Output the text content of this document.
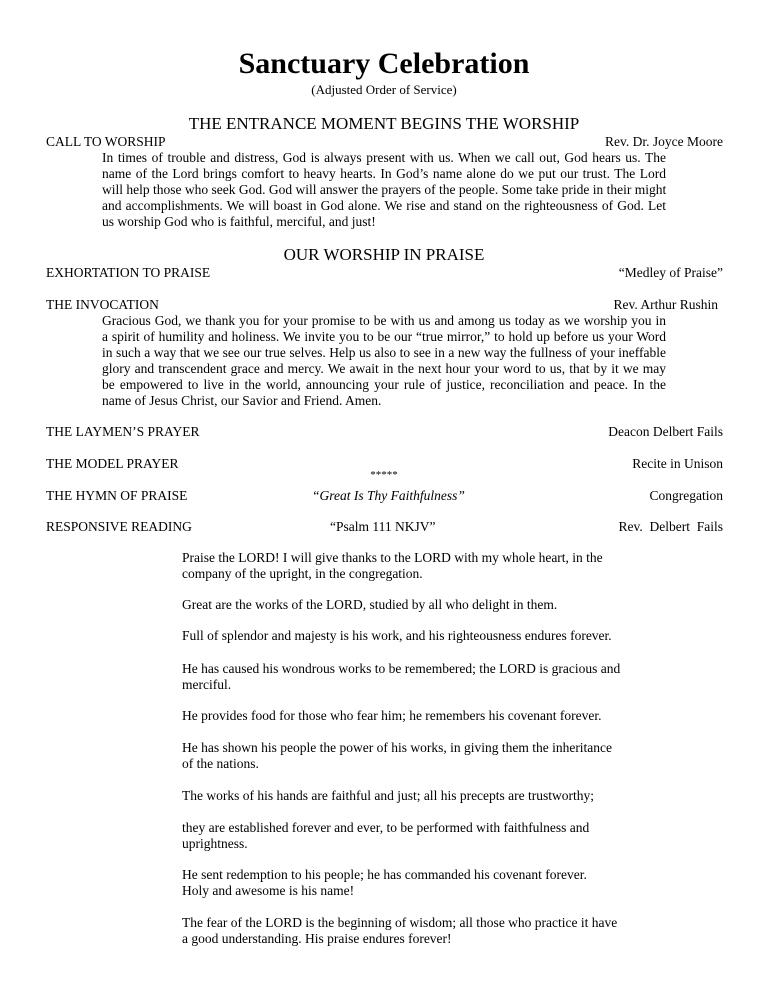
Sanctuary Celebration
(Adjusted Order of Service)
THE ENTRANCE MOMENT BEGINS THE WORSHIP
CALL TO WORSHIP	Rev. Dr. Joyce Moore
In times of trouble and distress, God is always present with us. When we call out, God hears us. The
name of the Lord brings comfort to heavy hearts. In God’s name alone do we put our trust. The Lord
will help those who seek God. God will answer the prayers of the people. Some take pride in their might
and accomplishments. We will boast in God alone. We rise and stand on the righteousness of God. Let
us worship God who is faithful, merciful, and just!
OUR WORSHIP IN PRAISE
EXHORTATION TO PRAISE	“Medley of Praise”
THE INVOCATION	Rev. Arthur Rushin
Gracious God, we thank you for your promise to be with us and among us today as we worship you in
a spirit of humility and holiness. We invite you to be our “true mirror,” to hold up before us your Word
in such a way that we see our true selves. Help us also to see in a new way the fullness of your ineffable
glory and transcendent grace and mercy. We await in the next hour your word to us, that by it we may
be empowered to live in the world, announcing your rule of justice, reconciliation and peace. In the
name of Jesus Christ, our Savior and Friend. Amen.
THE LAYMEN’S PRAYER	Deacon Delbert Fails
THE MODEL PRAYER	Recite in Unison
*****
THE HYMN OF PRAISE	“Great Is Thy Faithfulness”	Congregation
RESPONSIVE READING	“Psalm 111 NKJV”	Rev.  Delbert  Fails

Praise the LORD! I will give thanks to the LORD with my whole heart, in the

company of the upright, in the congregation.

Great are the works of the LORD, studied by all who delight in them.

Full of splendor and majesty is his work, and his righteousness endures forever.

He has caused his wondrous works to be remembered; the LORD is gracious and

merciful.

He provides food for those who fear him; he remembers his covenant forever.

He has shown his people the power of his works, in giving them the inheritance

of the nations.

The works of his hands are faithful and just; all his precepts are trustworthy;

they are established forever and ever, to be performed with faithfulness and

uprightness.

He sent redemption to his people; he has commanded his covenant forever.

Holy and awesome is his name!

The fear of the LORD is the beginning of wisdom; all those who practice it have

a good understanding. His praise endures forever!
